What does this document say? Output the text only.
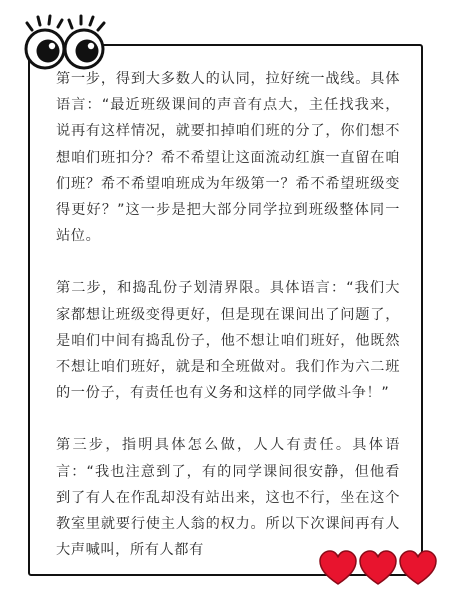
第一步，得到大多数人的认同，拉好统一战线。具体语言：“最近班级课间的声音有点大，主任找我来，说再有这样情况，就要扣掉咱们班的分了，你们想不想咱们班扣分？希不希望让这面流动红旗一直留在咱们班？希不希望咱班成为年级第一？希不希望班级变得更好？”这一步是把大部分同学拉到班级整体同一站位。

第二步，和捣乱份子划清界限。具体语言：“我们大家都想让班级变得更好，但是现在课间出了问题了，是咱们中间有捣乱份子，他不想让咱们班好，他既然不想让咱们班好，就是和全班做对。我们作为六二班的一份子，有责任也有义务和这样的同学做斗争！”

第三步，指明具体怎么做，人人有责任。具体语言：“我也注意到了，有的同学课间很安静，但他看到了有人在作乱却没有站出来，这也不行，坐在这个教室里就要行使主人翁的权力。所以下次课间再有人大声喊叫，所有人都有
